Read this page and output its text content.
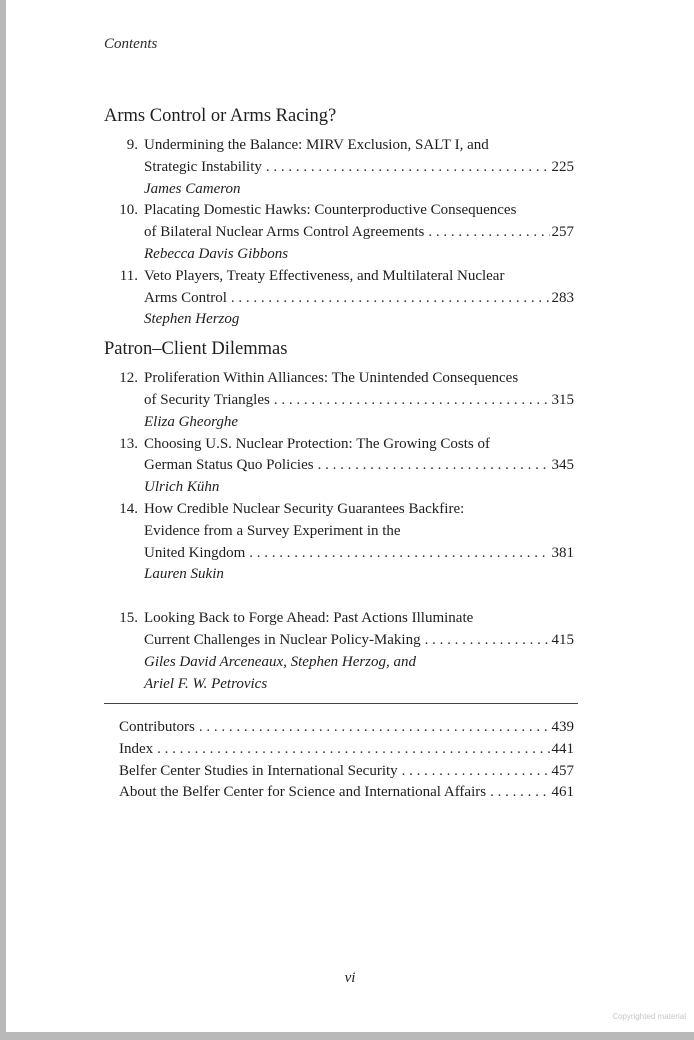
Contents
Arms Control or Arms Racing?
9. Undermining the Balance: MIRV Exclusion, SALT I, and
Strategic Instability . . .	225
James Cameron
10. Placating Domestic Hawks: Counterproductive Consequences
of Bilateral Nuclear Arms Control Agreements . . .	257
Rebecca Davis Gibbons
11. Veto Players, Treaty Effectiveness, and Multilateral Nuclear
Arms Control . . .	283
Stephen Herzog
Patron–Client Dilemmas
12. Proliferation Within Alliances: The Unintended Consequences
of Security Triangles . . .	315
Eliza Gheorghe
13. Choosing U.S. Nuclear Protection: The Growing Costs of
German Status Quo Policies . . .	345
Ulrich Kühn
14. How Credible Nuclear Security Guarantees Backfire:
Evidence from a Survey Experiment in the
United Kingdom . . .	381
Lauren Sukin
15. Looking Back to Forge Ahead: Past Actions Illuminate
Current Challenges in Nuclear Policy-Making . . .	415
Giles David Arceneaux, Stephen Herzog, and
Ariel F. W. Petrovics
Contributors . . .	439
Index . . .	441
Belfer Center Studies in International Security . . .	457
About the Belfer Center for Science and International Affairs . . .	461
vi
Copyrighted material
